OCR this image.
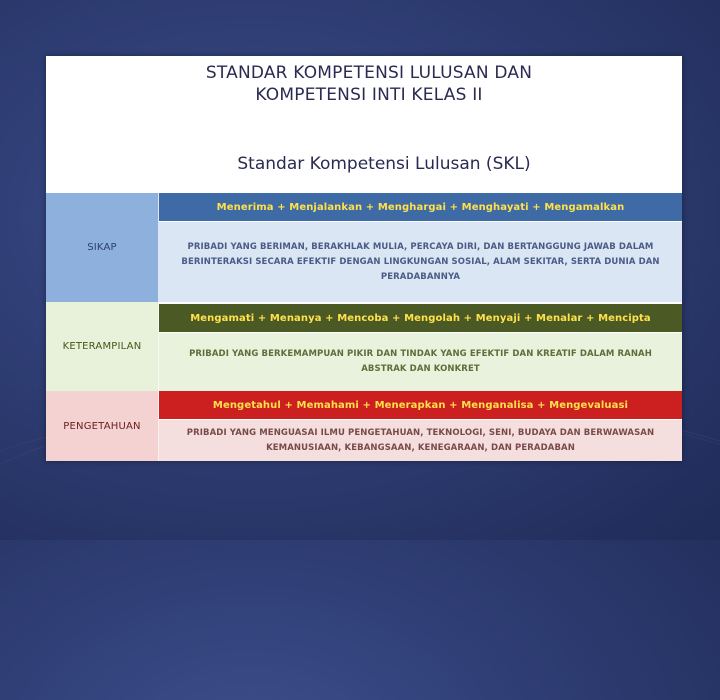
STANDAR KOMPETENSI LULUSAN DAN
KOMPETENSI INTI KELAS II
Standar Kompetensi Lulusan (SKL)
SIKAP
Menerima + Menjalankan + Menghargai + Menghayati + Mengamalkan
PRIBADI YANG BERIMAN, BERAKHLAK MULIA, PERCAYA DIRI, DAN BERTANGGUNG JAWAB DALAM BERINTERAKSI SECARA EFEKTIF DENGAN LINGKUNGAN SOSIAL, ALAM SEKITAR, SERTA DUNIA DAN PERADABANNYA
KETERAMPILAN
Mengamati + Menanya + Mencoba + Mengolah + Menyaji + Menalar + Mencipta
PRIBADI YANG BERKEMAMPUAN PIKIR DAN TINDAK YANG EFEKTIF DAN KREATIF DALAM RANAH ABSTRAK DAN KONKRET
PENGETAHUAN
Mengetahul + Memahami + Menerapkan + Menganalisa + Mengevaluasi
PRIBADI YANG MENGUASAI ILMU PENGETAHUAN, TEKNOLOGI, SENI, BUDAYA DAN BERWAWASAN KEMANUSIAAN, KEBANGSAAN, KENEGARAAN, DAN PERADABAN
